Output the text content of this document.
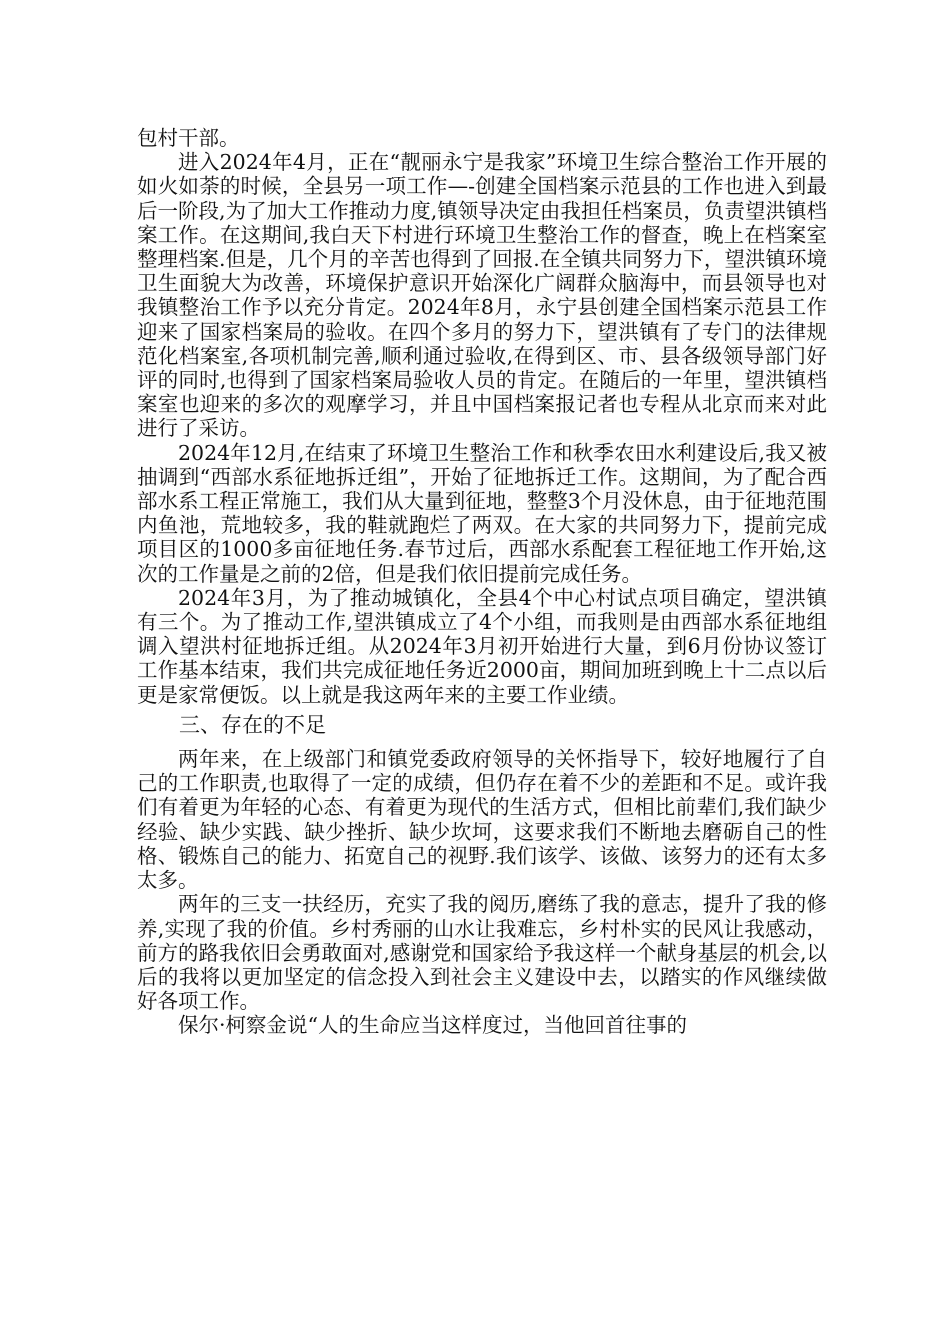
包村干部。

进入2024年4月，正在“靓丽永宁是我家”环境卫生综合整治工作开展的如火如荼的时候，全县另一项工作—-创建全国档案示范县的工作也进入到最后一阶段,为了加大工作推动力度,镇领导决定由我担任档案员，负责望洪镇档案工作。在这期间,我白天下村进行环境卫生整治工作的督查，晚上在档案室整理档案.但是，几个月的辛苦也得到了回报.在全镇共同努力下，望洪镇环境卫生面貌大为改善，环境保护意识开始深化广阔群众脑海中，而县领导也对我镇整治工作予以充分肯定。2024年8月，永宁县创建全国档案示范县工作迎来了国家档案局的验收。在四个多月的努力下，望洪镇有了专门的法律规范化档案室,各项机制完善,顺利通过验收,在得到区、市、县各级领导部门好评的同时,也得到了国家档案局验收人员的肯定。在随后的一年里，望洪镇档案室也迎来的多次的观摩学习，并且中国档案报记者也专程从北京而来对此进行了采访。

2024年12月,在结束了环境卫生整治工作和秋季农田水利建设后,我又被抽调到“西部水系征地拆迁组”，开始了征地拆迁工作。这期间，为了配合西部水系工程正常施工，我们从大量到征地，整整3个月没休息，由于征地范围内鱼池，荒地较多，我的鞋就跑烂了两双。在大家的共同努力下，提前完成项目区的1000多亩征地任务.春节过后，西部水系配套工程征地工作开始,这次的工作量是之前的2倍，但是我们依旧提前完成任务。

2024年3月，为了推动城镇化，全县4个中心村试点项目确定，望洪镇有三个。为了推动工作,望洪镇成立了4个小组，而我则是由西部水系征地组调入望洪村征地拆迁组。从2024年3月初开始进行大量，到6月份协议签订工作基本结束，我们共完成征地任务近2000亩，期间加班到晚上十二点以后更是家常便饭。以上就是我这两年来的主要工作业绩。

三、存在的不足

两年来，在上级部门和镇党委政府领导的关怀指导下，较好地履行了自己的工作职责,也取得了一定的成绩，但仍存在着不少的差距和不足。或许我们有着更为年轻的心态、有着更为现代的生活方式，但相比前辈们,我们缺少经验、缺少实践、缺少挫折、缺少坎坷，这要求我们不断地去磨砺自己的性格、锻炼自己的能力、拓宽自己的视野.我们该学、该做、该努力的还有太多太多。

两年的三支一扶经历，充实了我的阅历,磨练了我的意志，提升了我的修养,实现了我的价值。乡村秀丽的山水让我难忘，乡村朴实的民风让我感动，前方的路我依旧会勇敢面对,感谢党和国家给予我这样一个献身基层的机会,以后的我将以更加坚定的信念投入到社会主义建设中去，以踏实的作风继续做好各项工作。

保尔·柯察金说“人的生命应当这样度过，当他回首往事的
